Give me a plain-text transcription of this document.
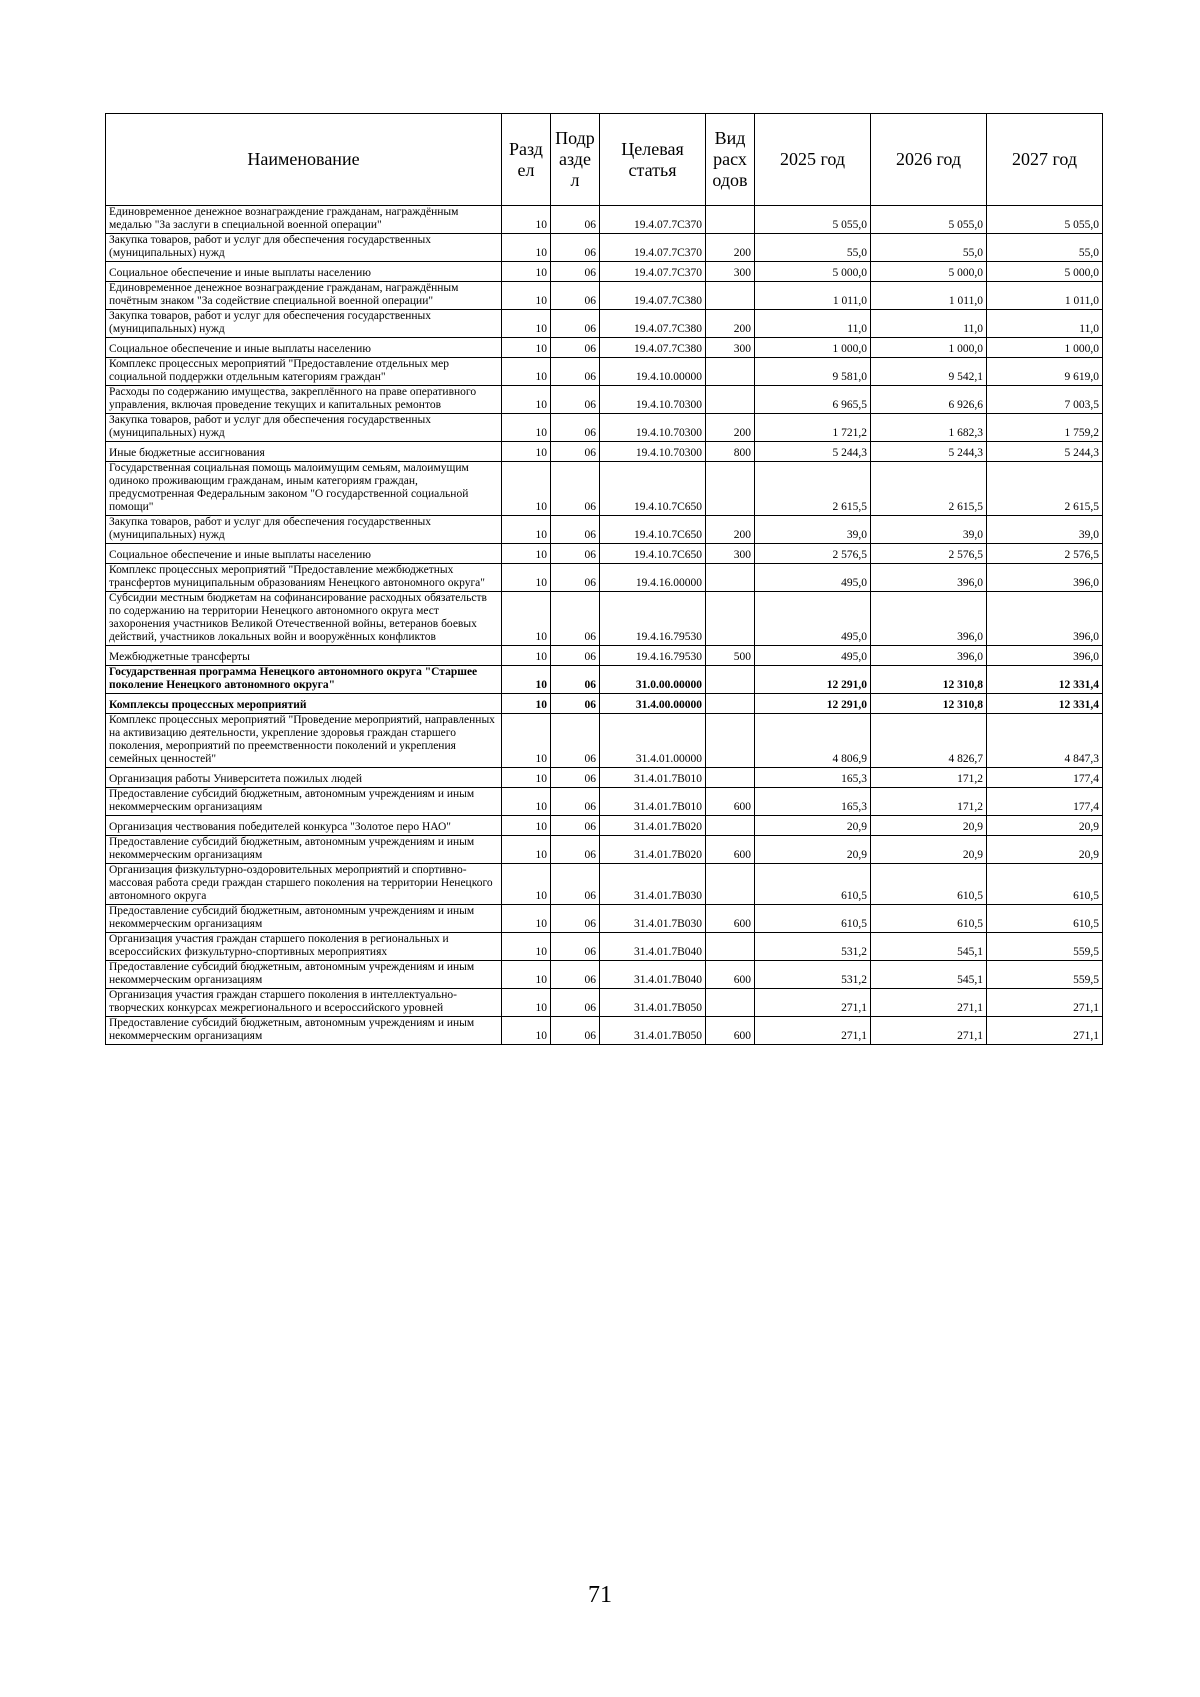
Наименование	Разд ел	Подр азде л	Целевая статья	Вид расх одов	2025 год	2026 год	2027 год
Единовременное денежное вознаграждение гражданам, награждённым медалью "За заслуги в специальной военной операции"	10	06	19.4.07.7С370		5 055,0	5 055,0	5 055,0
Закупка товаров, работ и услуг для обеспечения государственных (муниципальных) нужд	10	06	19.4.07.7С370	200	55,0	55,0	55,0
Социальное обеспечение и иные выплаты населению	10	06	19.4.07.7С370	300	5 000,0	5 000,0	5 000,0
Единовременное денежное вознаграждение гражданам, награждённым почётным знаком "За содействие специальной военной операции"	10	06	19.4.07.7С380		1 011,0	1 011,0	1 011,0
Закупка товаров, работ и услуг для обеспечения государственных (муниципальных) нужд	10	06	19.4.07.7С380	200	11,0	11,0	11,0
Социальное обеспечение и иные выплаты населению	10	06	19.4.07.7С380	300	1 000,0	1 000,0	1 000,0
Комплекс процессных мероприятий "Предоставление отдельных мер социальной поддержки отдельным категориям граждан"	10	06	19.4.10.00000		9 581,0	9 542,1	9 619,0
Расходы по содержанию имущества, закреплённого на праве оперативного управления, включая проведение текущих и капитальных ремонтов	10	06	19.4.10.70300		6 965,5	6 926,6	7 003,5
Закупка товаров, работ и услуг для обеспечения государственных (муниципальных) нужд	10	06	19.4.10.70300	200	1 721,2	1 682,3	1 759,2
Иные бюджетные ассигнования	10	06	19.4.10.70300	800	5 244,3	5 244,3	5 244,3
Государственная социальная помощь малоимущим семьям, малоимущим одиноко проживающим гражданам, иным категориям граждан, предусмотренная Федеральным законом "О государственной социальной помощи"	10	06	19.4.10.7С650		2 615,5	2 615,5	2 615,5
Закупка товаров, работ и услуг для обеспечения государственных (муниципальных) нужд	10	06	19.4.10.7С650	200	39,0	39,0	39,0
Социальное обеспечение и иные выплаты населению	10	06	19.4.10.7С650	300	2 576,5	2 576,5	2 576,5
Комплекс процессных мероприятий "Предоставление межбюджетных трансфертов муниципальным образованиям Ненецкого автономного округа"	10	06	19.4.16.00000		495,0	396,0	396,0
Субсидии местным бюджетам на софинансирование расходных обязательств по содержанию на территории Ненецкого автономного округа мест захоронения участников Великой Отечественной войны, ветеранов боевых действий, участников локальных войн и вооружённых конфликтов	10	06	19.4.16.79530		495,0	396,0	396,0
Межбюджетные трансферты	10	06	19.4.16.79530	500	495,0	396,0	396,0
Государственная программа Ненецкого автономного округа "Старшее поколение Ненецкого автономного округа"	10	06	31.0.00.00000		12 291,0	12 310,8	12 331,4
Комплексы процессных мероприятий	10	06	31.4.00.00000		12 291,0	12 310,8	12 331,4
Комплекс процессных мероприятий "Проведение мероприятий, направленных на активизацию деятельности, укрепление здоровья граждан старшего поколения, мероприятий по преемственности поколений и укрепления семейных ценностей"	10	06	31.4.01.00000		4 806,9	4 826,7	4 847,3
Организация работы Университета пожилых людей	10	06	31.4.01.7В010		165,3	171,2	177,4
Предоставление субсидий бюджетным, автономным учреждениям и иным некоммерческим организациям	10	06	31.4.01.7В010	600	165,3	171,2	177,4
Организация чествования победителей конкурса "Золотое перо НАО"	10	06	31.4.01.7В020		20,9	20,9	20,9
Предоставление субсидий бюджетным, автономным учреждениям и иным некоммерческим организациям	10	06	31.4.01.7В020	600	20,9	20,9	20,9
Организация физкультурно-оздоровительных мероприятий и спортивно-массовая работа среди граждан старшего поколения на территории Ненецкого автономного округа	10	06	31.4.01.7В030		610,5	610,5	610,5
Предоставление субсидий бюджетным, автономным учреждениям и иным некоммерческим организациям	10	06	31.4.01.7В030	600	610,5	610,5	610,5
Организация участия граждан старшего поколения в региональных и всероссийских физкультурно-спортивных мероприятиях	10	06	31.4.01.7В040		531,2	545,1	559,5
Предоставление субсидий бюджетным, автономным учреждениям и иным некоммерческим организациям	10	06	31.4.01.7В040	600	531,2	545,1	559,5
Организация участия граждан старшего поколения в интеллектуально-творческих конкурсах межрегионального и всероссийского уровней	10	06	31.4.01.7В050		271,1	271,1	271,1
Предоставление субсидий бюджетным, автономным учреждениям и иным некоммерческим организациям	10	06	31.4.01.7В050	600	271,1	271,1	271,1
71
